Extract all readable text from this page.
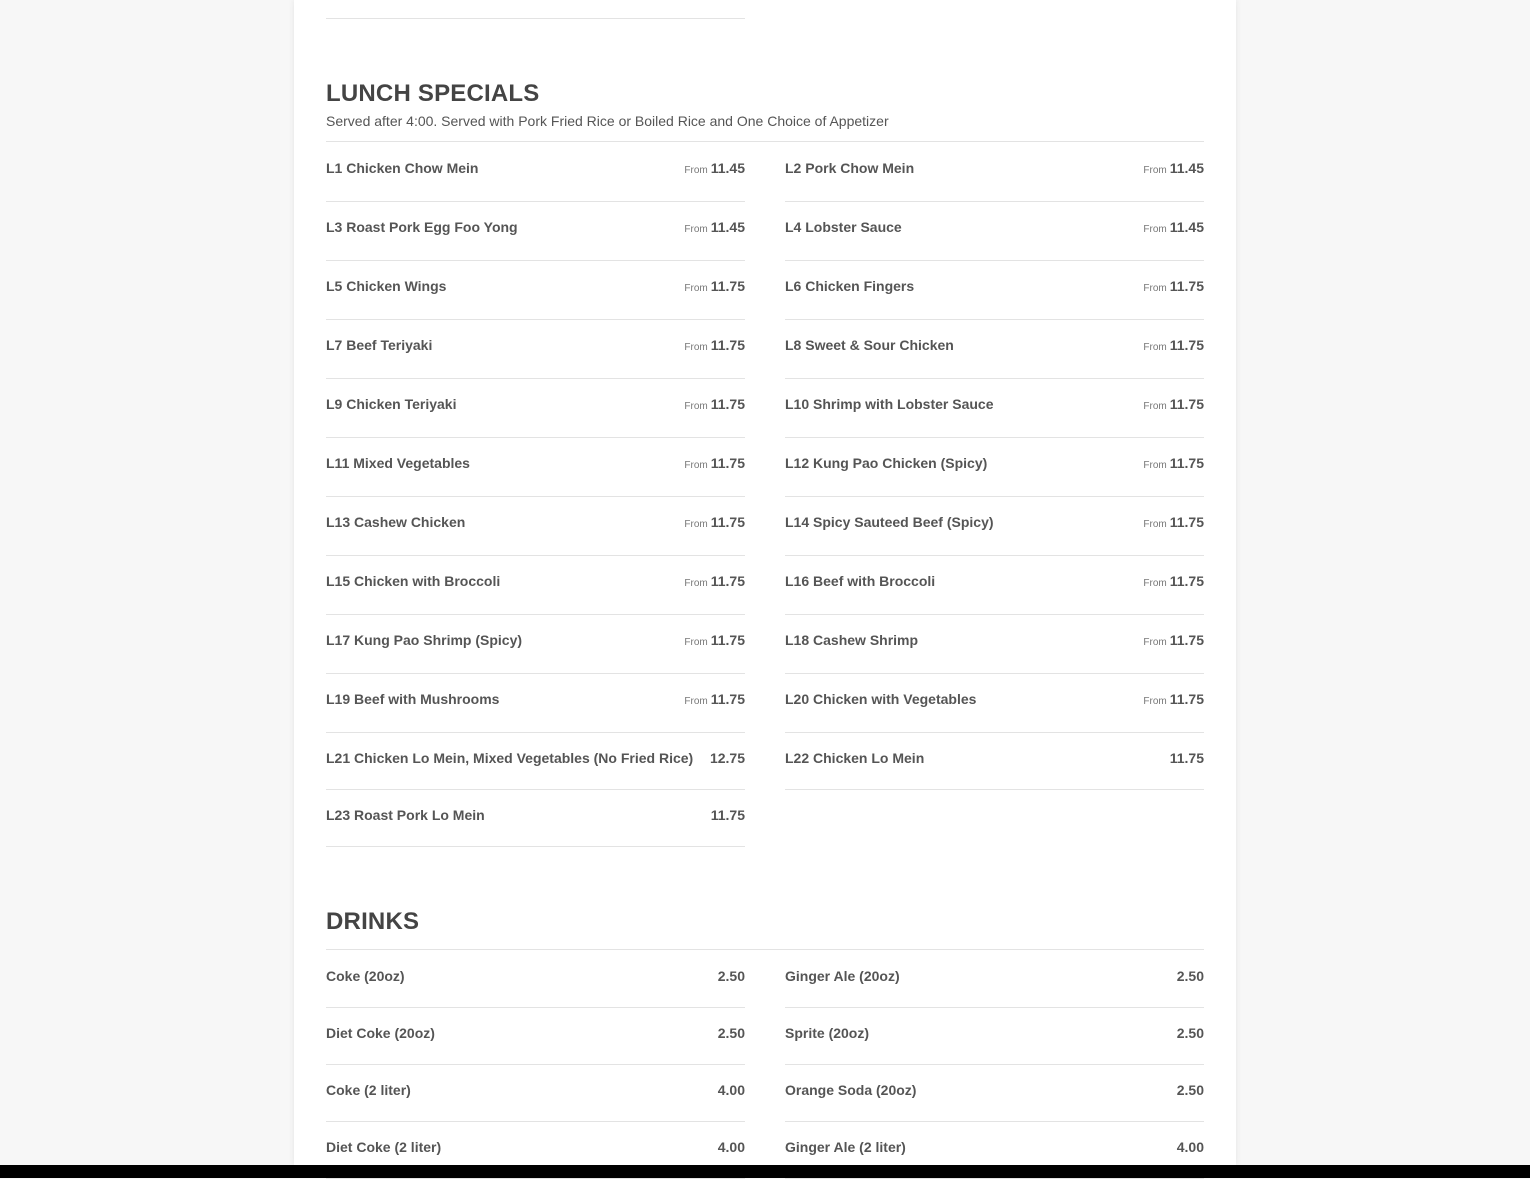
LUNCH SPECIALS

Served after 4:00. Served with Pork Fried Rice or Boiled Rice and One Choice of Appetizer

L1 Chicken Chow Mein	From 11.45	L2 Pork Chow Mein	From 11.45
L3 Roast Pork Egg Foo Yong	From 11.45	L4 Lobster Sauce	From 11.45
L5 Chicken Wings	From 11.75	L6 Chicken Fingers	From 11.75
L7 Beef Teriyaki	From 11.75	L8 Sweet & Sour Chicken	From 11.75
L9 Chicken Teriyaki	From 11.75	L10 Shrimp with Lobster Sauce	From 11.75
L11 Mixed Vegetables	From 11.75	L12 Kung Pao Chicken (Spicy)	From 11.75
L13 Cashew Chicken	From 11.75	L14 Spicy Sauteed Beef (Spicy)	From 11.75
L15 Chicken with Broccoli	From 11.75	L16 Beef with Broccoli	From 11.75
L17 Kung Pao Shrimp (Spicy)	From 11.75	L18 Cashew Shrimp	From 11.75
L19 Beef with Mushrooms	From 11.75	L20 Chicken with Vegetables	From 11.75
L21 Chicken Lo Mein, Mixed Vegetables (No Fried Rice) 12.75	L22 Chicken Lo Mein	11.75
L23 Roast Pork Lo Mein	11.75
DRINKS
Coke (20oz)	2.50	Ginger Ale (20oz)	2.50
Diet Coke (20oz)	2.50	Sprite (20oz)	2.50
Coke (2 liter)	4.00	Orange Soda (20oz)	2.50
Diet Coke (2 liter)	4.00	Ginger Ale (2 liter)	4.00
